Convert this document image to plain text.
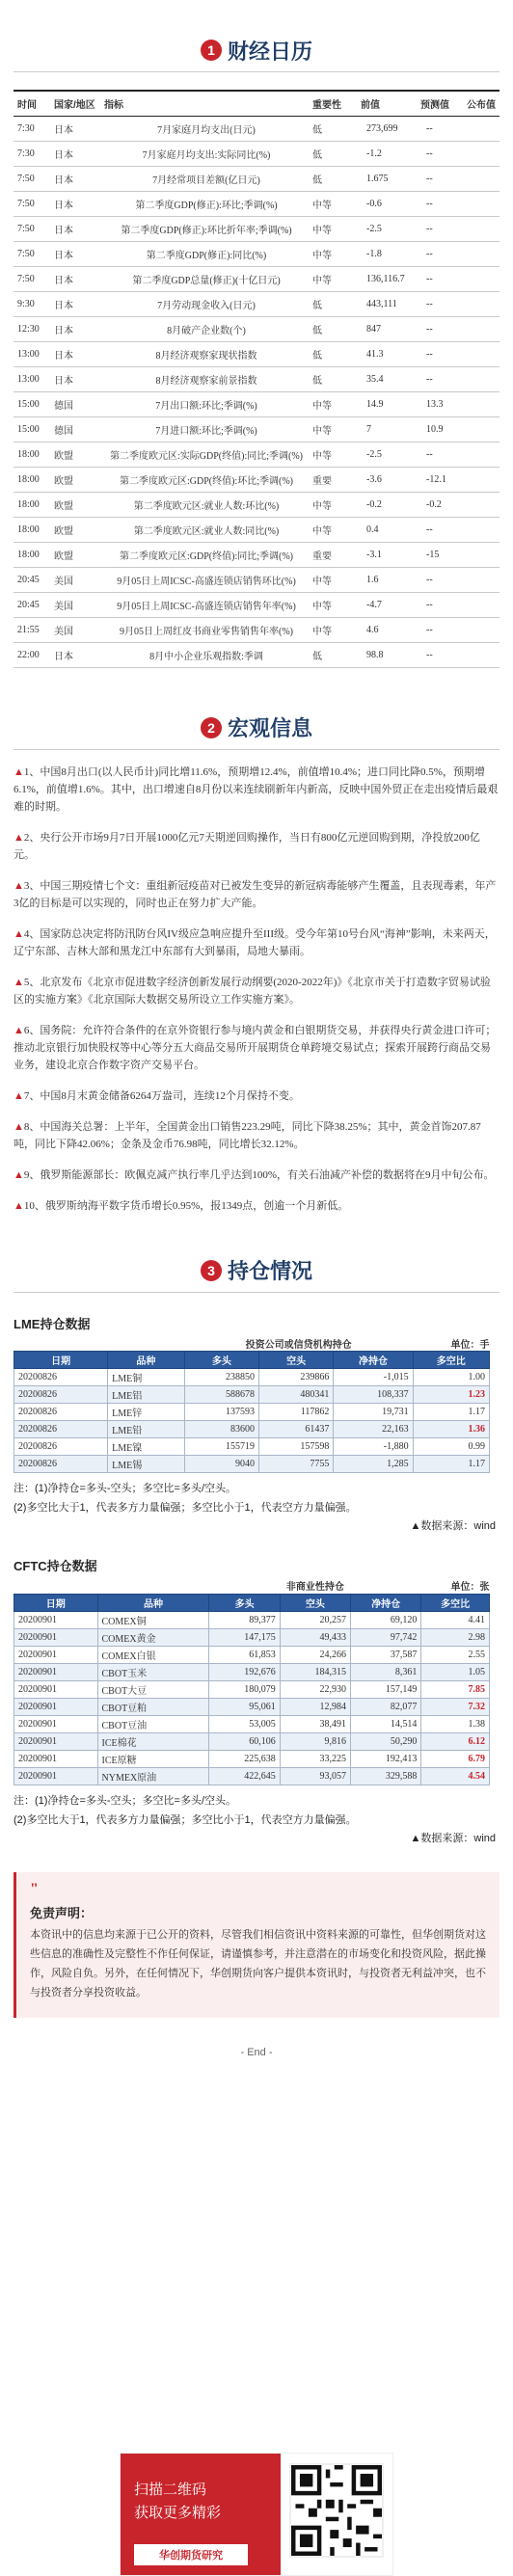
1 财经日历
时间	国家/地区	指标	重要性	前值	预测值	公布值
7:30	日本	7月家庭月均支出(日元)	低	273,699	--	
7:30	日本	7月家庭月均支出:实际同比(%)	低	-1.2	--	
7:50	日本	7月经常项目差额(亿日元)	低	1.675	--	
7:50	日本	第二季度GDP(修正):环比;季调(%)	中等	-0.6	--	
7:50	日本	第二季度GDP(修正):环比折年率;季调(%)	中等	-2.5	--	
7:50	日本	第二季度GDP(修正):同比(%)	中等	-1.8	--	
7:50	日本	第二季度GDP总量(修正)(十亿日元)	中等	136,116.7	--	
9:30	日本	7月劳动现金收入(日元)	低	443,111	--	
12:30	日本	8月破产企业数(个)	低	847	--	
13:00	日本	8月经济观察家现状指数	低	41.3	--	
13:00	日本	8月经济观察家前景指数	低	35.4	--	
15:00	德国	7月出口额:环比;季调(%)	中等	14.9	13.3	
15:00	德国	7月进口额:环比;季调(%)	中等	7	10.9	
18:00	欧盟	第二季度欧元区:实际GDP(终值):同比;季调(%)	中等	-2.5	--	
18:00	欧盟	第二季度欧元区:GDP(终值):环比;季调(%)	重要	-3.6	-12.1	
18:00	欧盟	第二季度欧元区:就业人数:环比(%)	中等	-0.2	-0.2	
18:00	欧盟	第二季度欧元区:就业人数:同比(%)	中等	0.4	--	
18:00	欧盟	第二季度欧元区:GDP(终值):同比;季调(%)	重要	-3.1	-15	
20:45	美国	9月05日上周ICSC-高盛连锁店销售环比(%)	中等	1.6	--	
20:45	美国	9月05日上周ICSC-高盛连锁店销售年率(%)	中等	-4.7	--	
21:55	美国	9月05日上周红皮书商业零售销售年率(%)	中等	4.6	--	
22:00	日本	8月中小企业乐观指数:季调	低	98.8	--	
2 宏观信息

▲1、中国8月出口(以人民币计)同比增11.6%，预期增12.4%，前值增10.4%；进口同比降0.5%，预期增6.1%，前值增1.6%。其中，出口增速自8月份以来连续刷新年内新高，反映中国外贸正在走出疫情后最艰难的时期。

▲2、央行公开市场9月7日开展1000亿元7天期逆回购操作，当日有800亿元逆回购到期，净投放200亿元。

▲3、中国三期疫情七个文：重组新冠疫苗对已被发生变异的新冠病毒能够产生覆盖，且表现毒素，年产3亿的目标是可以实现的，同时也正在努力扩大产能。

▲4、国家防总决定将防汛防台风IV级应急响应提升至III级。受今年第10号台风“海神”影响，未来两天，辽宁东部、吉林大部和黑龙江中东部有大到暴雨，局地大暴雨。

▲5、北京发布《北京市促进数字经济创新发展行动纲要(2020-2022年)》《北京市关于打造数字贸易试验区的实施方案》《北京国际大数据交易所设立工作实施方案》。

▲6、国务院：允许符合条件的在京外资银行参与境内黄金和白银期货交易，并获得央行黄金进口许可；推动北京银行加快股权等中心等分五大商品交易所开展期货仓单跨境交易试点；探索开展跨行商品交易业务，建设北京合作数字资产交易平台。

▲7、中国8月末黄金储备6264万盎司，连续12个月保持不变。

▲8、中国海关总署：上半年，全国黄金出口销售223.29吨，同比下降38.25%；其中，黄金首饰207.87吨，同比下降42.06%；金条及金币76.98吨，同比增长32.12%。

▲9、俄罗斯能源部长：欧佩克减产执行率几乎达到100%，有关石油减产补偿的数据将在9月中旬公布。

▲10、俄罗斯纳海平数字货币增长0.95%，报1349点，创逾一个月新低。

3 持仓情况
LME持仓数据
		投资公司或信贷机构持仓			单位：手
日期	品种	多头	空头	净持仓	多空比
20200826	LME铜	238850	239866	-1,015	1.00
20200826	LME铝	588678	480341	108,337	1.23
20200826	LME锌	137593	117862	19,731	1.17
20200826	LME铅	83600	61437	22,163	1.36
20200826	LME镍	155719	157598	-1,880	0.99
20200826	LME锡	9040	7755	1,285	1.17
注：(1)净持仓=多头-空头；多空比=多头/空头。
(2)多空比大于1，代表多方力量偏强；多空比小于1，代表空方力量偏强。
▲数据来源：wind
CFTC持仓数据
		非商业性持仓			单位：张
日期	品种	多头	空头	净持仓	多空比
20200901	COMEX铜	89,377	20,257	69,120	4.41
20200901	COMEX黄金	147,175	49,433	97,742	2.98
20200901	COMEX白银	61,853	24,266	37,587	2.55
20200901	CBOT玉米	192,676	184,315	8,361	1.05
20200901	CBOT大豆	180,079	22,930	157,149	7.85
20200901	CBOT豆粕	95,061	12,984	82,077	7.32
20200901	CBOT豆油	53,005	38,491	14,514	1.38
20200901	ICE棉花	60,106	9,816	50,290	6.12
20200901	ICE原糖	225,638	33,225	192,413	6.79
20200901	NYMEX原油	422,645	93,057	329,588	4.54
注：(1)净持仓=多头-空头；多空比=多头/空头。
(2)多空比大于1，代表多方力量偏强；多空比小于1，代表空方力量偏强。
▲数据来源：wind
"
免责声明：
本资讯中的信息均来源于已公开的资料，尽管我们相信资讯中资料来源的可靠性，但华创期货对这些信息的准确性及完整性不作任何保证，请谨慎参考，并注意潜在的市场变化和投资风险，据此操作，风险自负。另外，在任何情况下，华创期货向客户提供本资讯时，与投资者无利益冲突，也不与投资者分享投资收益。
- End -
扫描二维码
获取更多精彩
华创期货研究
